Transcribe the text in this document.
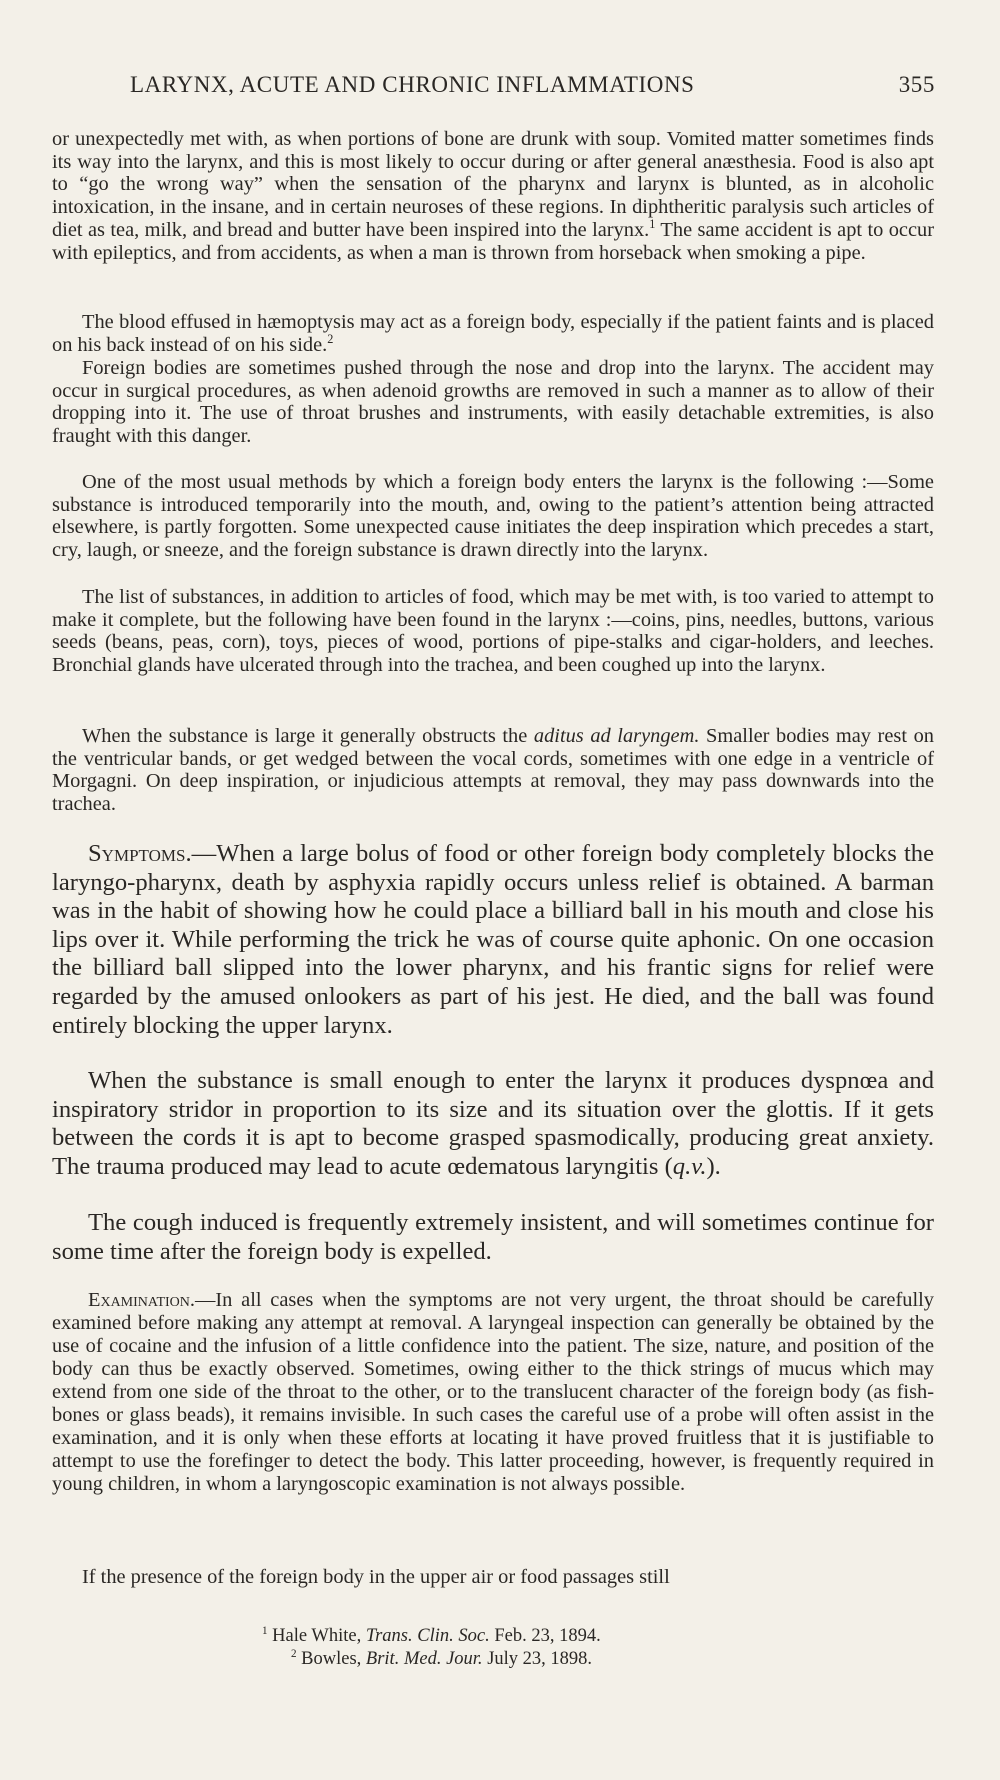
LARYNX, ACUTE AND CHRONIC INFLAMMATIONS	355
or unexpectedly met with, as when portions of bone are drunk with soup. Vomited matter sometimes finds its way into the larynx, and this is most likely to occur during or after general anæsthesia. Food is also apt to “go the wrong way” when the sensation of the pharynx and larynx is blunted, as in alcoholic intoxication, in the insane, and in certain neuroses of these regions. In diphtheritic paralysis such articles of diet as tea, milk, and bread and butter have been inspired into the larynx.$^1$ The same accident is apt to occur with epileptics, and from accidents, as when a man is thrown from horseback when smoking a pipe.
The blood effused in hæmoptysis may act as a foreign body, especially if the patient faints and is placed on his back instead of on his side.$^2$
Foreign bodies are sometimes pushed through the nose and drop into the larynx. The accident may occur in surgical procedures, as when adenoid growths are removed in such a manner as to allow of their dropping into it. The use of throat brushes and instruments, with easily detachable extremities, is also fraught with this danger.
One of the most usual methods by which a foreign body enters the larynx is the following :—Some substance is introduced temporarily into the mouth, and, owing to the patient’s attention being attracted elsewhere, is partly forgotten. Some unexpected cause initiates the deep inspiration which precedes a start, cry, laugh, or sneeze, and the foreign substance is drawn directly into the larynx.
The list of substances, in addition to articles of food, which may be met with, is too varied to attempt to make it complete, but the following have been found in the larynx :—coins, pins, needles, buttons, various seeds (beans, peas, corn), toys, pieces of wood, portions of pipe-stalks and cigar-holders, and leeches. Bronchial glands have ulcerated through into the trachea, and been coughed up into the larynx.
When the substance is large it generally obstructs the aditus ad laryngem. Smaller bodies may rest on the ventricular bands, or get wedged between the vocal cords, sometimes with one edge in a ventricle of Morgagni. On deep inspiration, or injudicious attempts at removal, they may pass downwards into the trachea.
Symptoms.—When a large bolus of food or other foreign body completely blocks the laryngo-pharynx, death by asphyxia rapidly occurs unless relief is obtained. A barman was in the habit of showing how he could place a billiard ball in his mouth and close his lips over it. While performing the trick he was of course quite aphonic. On one occasion the billiard ball slipped into the lower pharynx, and his frantic signs for relief were regarded by the amused onlookers as part of his jest. He died, and the ball was found entirely blocking the upper larynx.
When the substance is small enough to enter the larynx it produces dyspnœa and inspiratory stridor in proportion to its size and its situation over the glottis. If it gets between the cords it is apt to become grasped spasmodically, producing great anxiety. The trauma produced may lead to acute œdematous laryngitis (q.v.).
The cough induced is frequently extremely insistent, and will sometimes continue for some time after the foreign body is expelled.
Examination.—In all cases when the symptoms are not very urgent, the throat should be carefully examined before making any attempt at removal. A laryngeal inspection can generally be obtained by the use of cocaine and the infusion of a little confidence into the patient. The size, nature, and position of the body can thus be exactly observed. Sometimes, owing either to the thick strings of mucus which may extend from one side of the throat to the other, or to the translucent character of the foreign body (as fish-bones or glass beads), it remains invisible. In such cases the careful use of a probe will often assist in the examination, and it is only when these efforts at locating it have proved fruitless that it is justifiable to attempt to use the forefinger to detect the body. This latter proceeding, however, is frequently required in young children, in whom a laryngoscopic examination is not always possible.
If the presence of the foreign body in the upper air or food passages still
$^1$ Hale White, Trans. Clin. Soc. Feb. 23, 1894.
$^2$ Bowles, Brit. Med. Jour. July 23, 1898.
